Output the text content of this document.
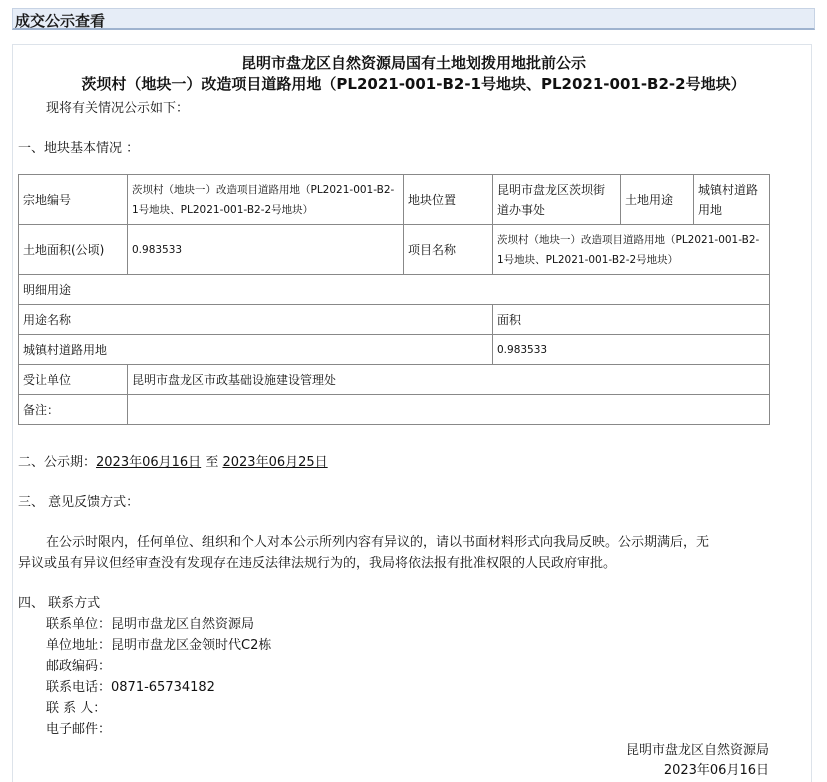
成交公示查看
昆明市盘龙区自然资源局国有土地划拨用地批前公示
茨坝村（地块一）改造项目道路用地（PL2021-001-B2-1号地块、PL2021-001-B2-2号地块）
现将有关情况公示如下：
一、地块基本情况 ：
宗地编号	茨坝村（地块一）改造项目道路用地（PL2021-001-B2-1号地块、PL2021-001-B2-2号地块）	地块位置	昆明市盘龙区茨坝街道办事处	土地用途	城镇村道路用地
土地面积(公顷)	0.983533	项目名称	茨坝村（地块一）改造项目道路用地（PL2021-001-B2-1号地块、PL2021-001-B2-2号地块）		
明细用途					
用途名称			面积		
城镇村道路用地			0.983533		
受让单位	昆明市盘龙区市政基础设施建设管理处				
备注：					
二、公示期：2023年06月16日 至 2023年06月25日
三、 意见反馈方式：
在公示时限内，任何单位、组织和个人对本公示所列内容有异议的，请以书面材料形式向我局反映。公示期满后，无
异议或虽有异议但经审查没有发现存在违反法律法规行为的，我局将依法报有批准权限的人民政府审批。
四、 联系方式
联系单位：昆明市盘龙区自然资源局
单位地址：昆明市盘龙区金领时代C2栋
邮政编码：
联系电话：0871-65734182
联 系 人：
电子邮件：
昆明市盘龙区自然资源局
2023年06月16日
